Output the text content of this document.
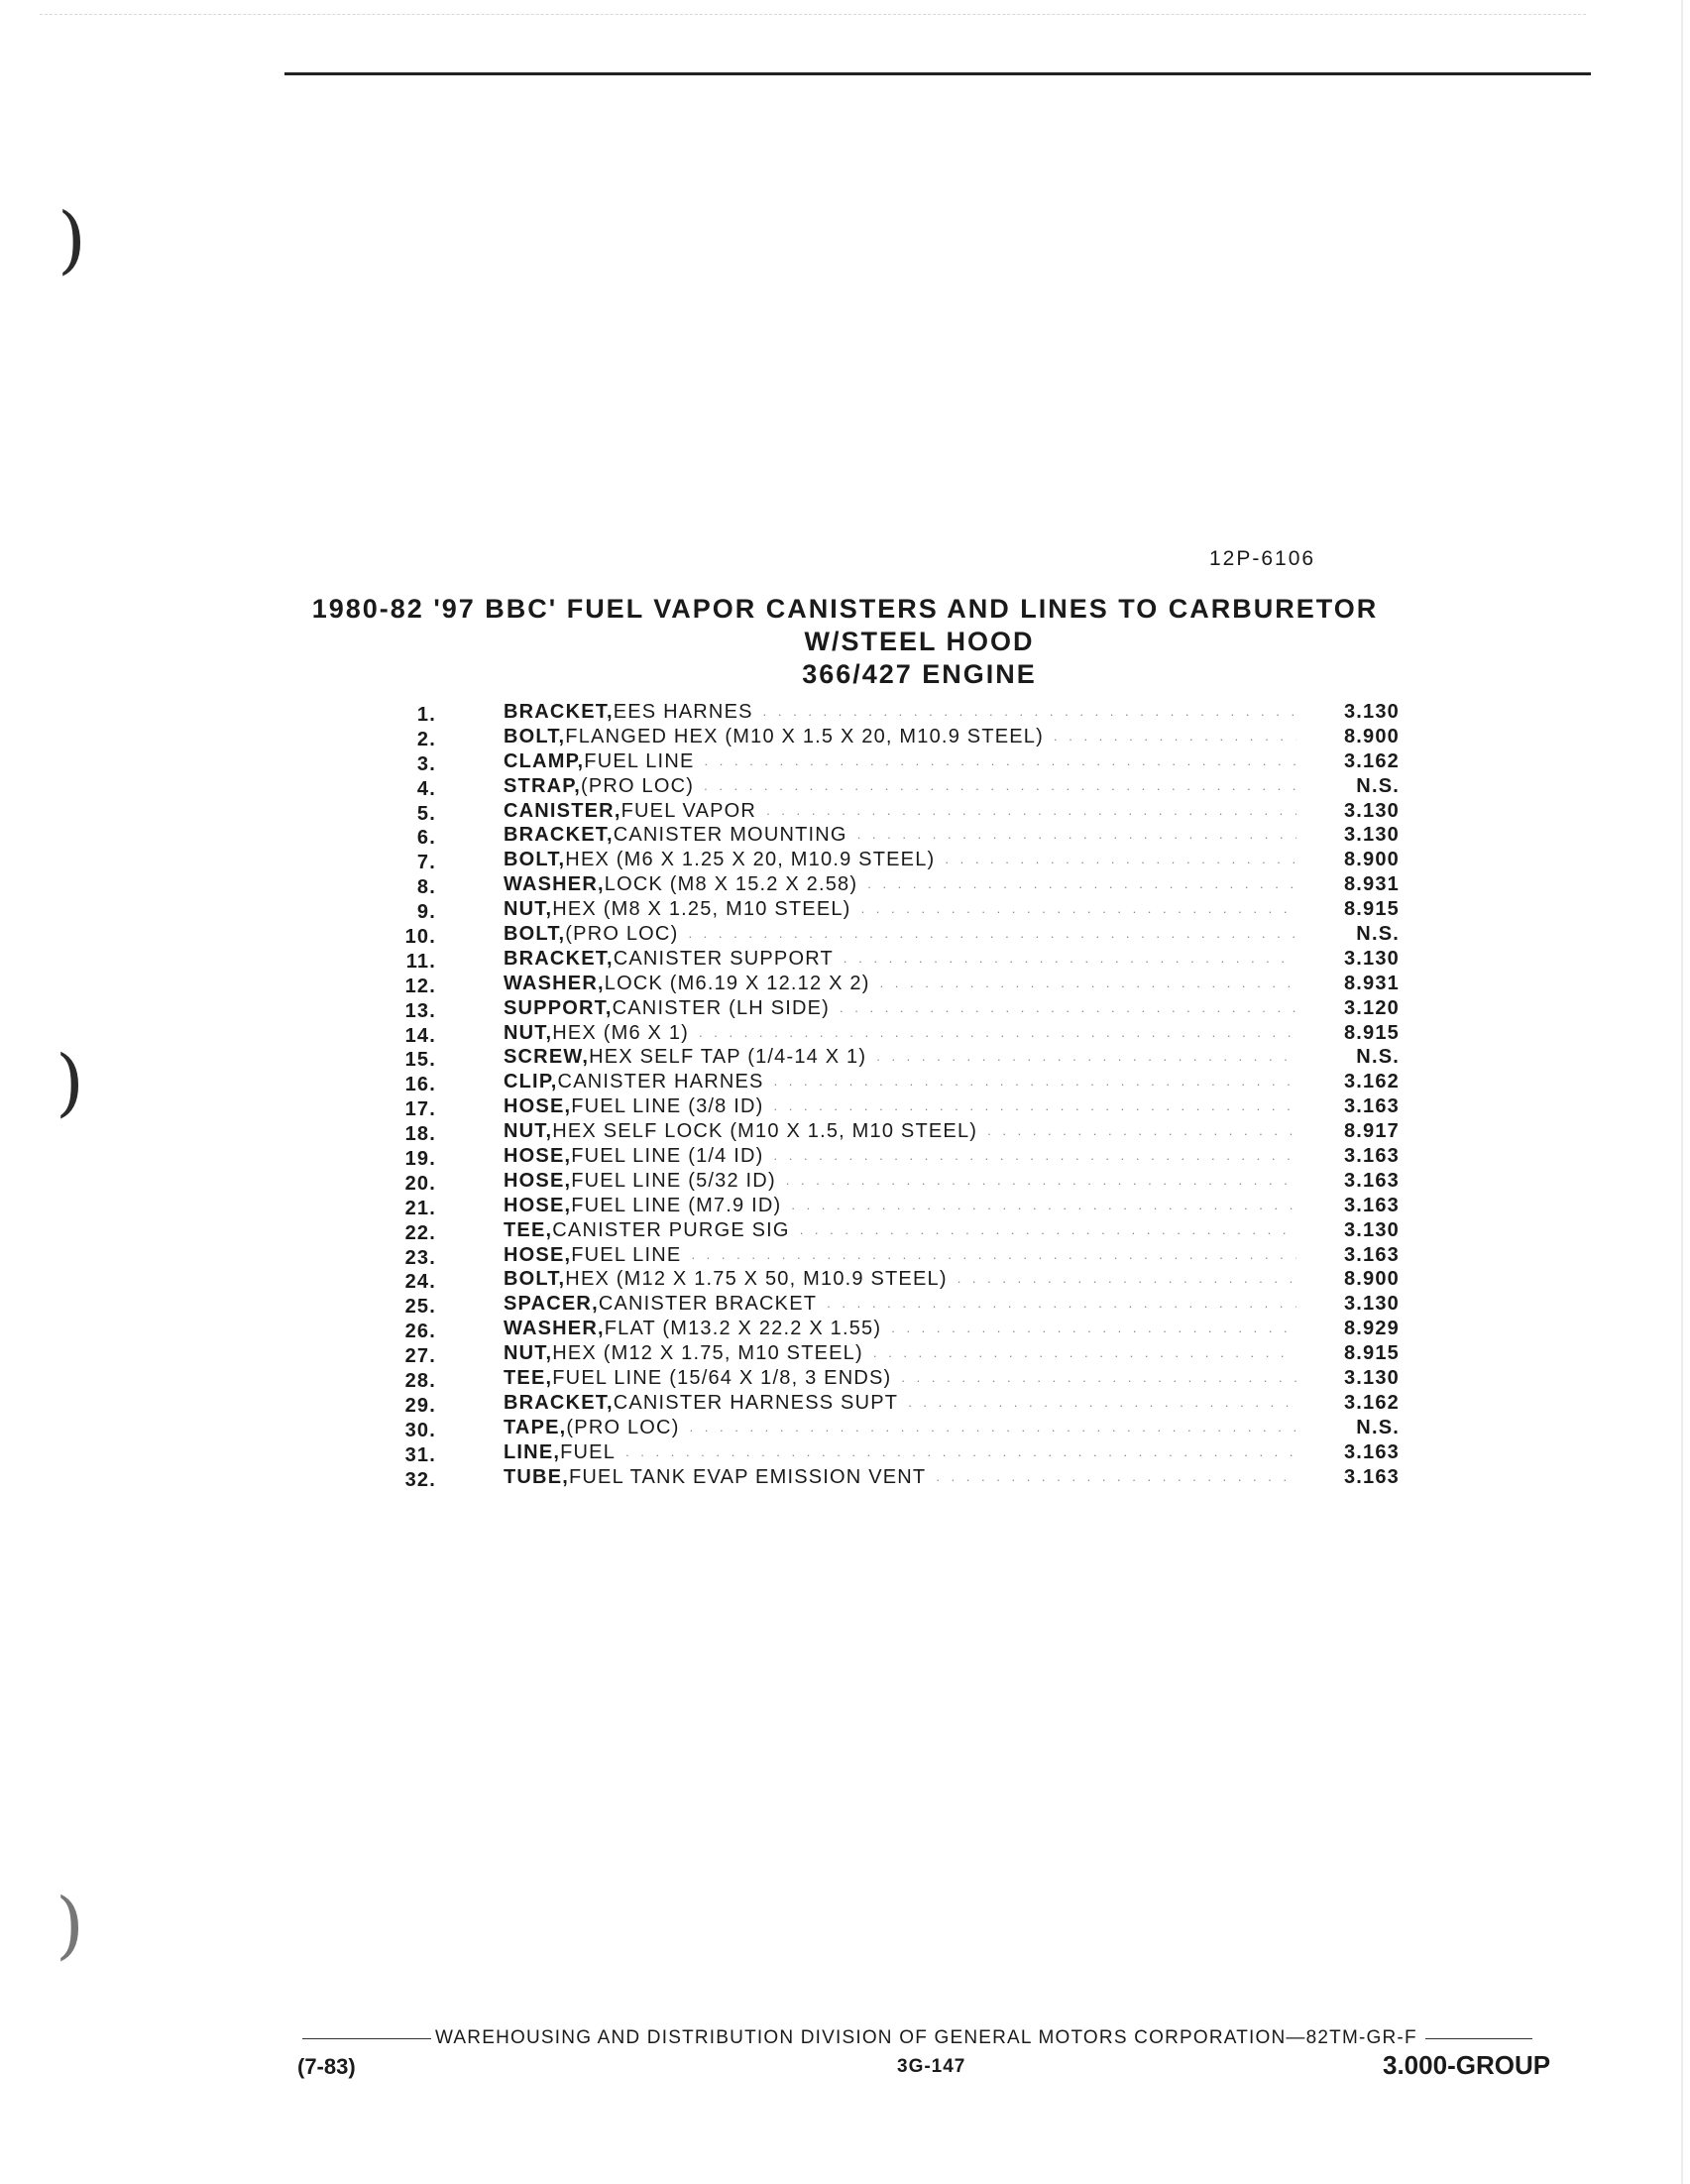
)
)
)
12P-6106
1980-82 '97 BBC' FUEL VAPOR CANISTERS AND LINES TO CARBURETOR
W/STEEL HOOD
366/427 ENGINE
1.	BRACKET, EES HARNES . . .	3.130
2.	BOLT, FLANGED HEX (M10 X 1.5 X 20, M10.9 STEEL) . . .	8.900
3.	CLAMP, FUEL LINE . . .	3.162
4.	STRAP, (PRO LOC) . . .	N.S.
5.	CANISTER, FUEL VAPOR . . .	3.130
6.	BRACKET, CANISTER MOUNTING . . .	3.130
7.	BOLT, HEX (M6 X 1.25 X 20, M10.9 STEEL) . . .	8.900
8.	WASHER, LOCK (M8 X 15.2 X 2.58) . . .	8.931
9.	NUT, HEX (M8 X 1.25, M10 STEEL) . . .	8.915
10.	BOLT, (PRO LOC) . . .	N.S.
11.	BRACKET, CANISTER SUPPORT . . .	3.130
12.	WASHER, LOCK (M6.19 X 12.12 X 2) . . .	8.931
13.	SUPPORT, CANISTER (LH SIDE) . . .	3.120
14.	NUT, HEX (M6 X 1) . . .	8.915
15.	SCREW, HEX SELF TAP (1/4-14 X 1) . . .	N.S.
16.	CLIP, CANISTER HARNES . . .	3.162
17.	HOSE, FUEL LINE (3/8 ID) . . .	3.163
18.	NUT, HEX SELF LOCK (M10 X 1.5, M10 STEEL) . . .	8.917
19.	HOSE, FUEL LINE (1/4 ID) . . .	3.163
20.	HOSE, FUEL LINE (5/32 ID) . . .	3.163
21.	HOSE, FUEL LINE (M7.9 ID) . . .	3.163
22.	TEE, CANISTER PURGE SIG . . .	3.130
23.	HOSE, FUEL LINE . . .	3.163
24.	BOLT, HEX (M12 X 1.75 X 50, M10.9 STEEL) . . .	8.900
25.	SPACER, CANISTER BRACKET . . .	3.130
26.	WASHER, FLAT (M13.2 X 22.2 X 1.55) . . .	8.929
27.	NUT, HEX (M12 X 1.75, M10 STEEL) . . .	8.915
28.	TEE, FUEL LINE (15/64 X 1/8, 3 ENDS) . . .	3.130
29.	BRACKET, CANISTER HARNESS SUPT . . .	3.162
30.	TAPE, (PRO LOC) . . .	N.S.
31.	LINE, FUEL . . .	3.163
32.	TUBE, FUEL TANK EVAP EMISSION VENT . . .	3.163
WAREHOUSING AND DISTRIBUTION DIVISION OF GENERAL MOTORS CORPORATION—82TM-GR-F
(7-83)	3G-147	3.000-GROUP
